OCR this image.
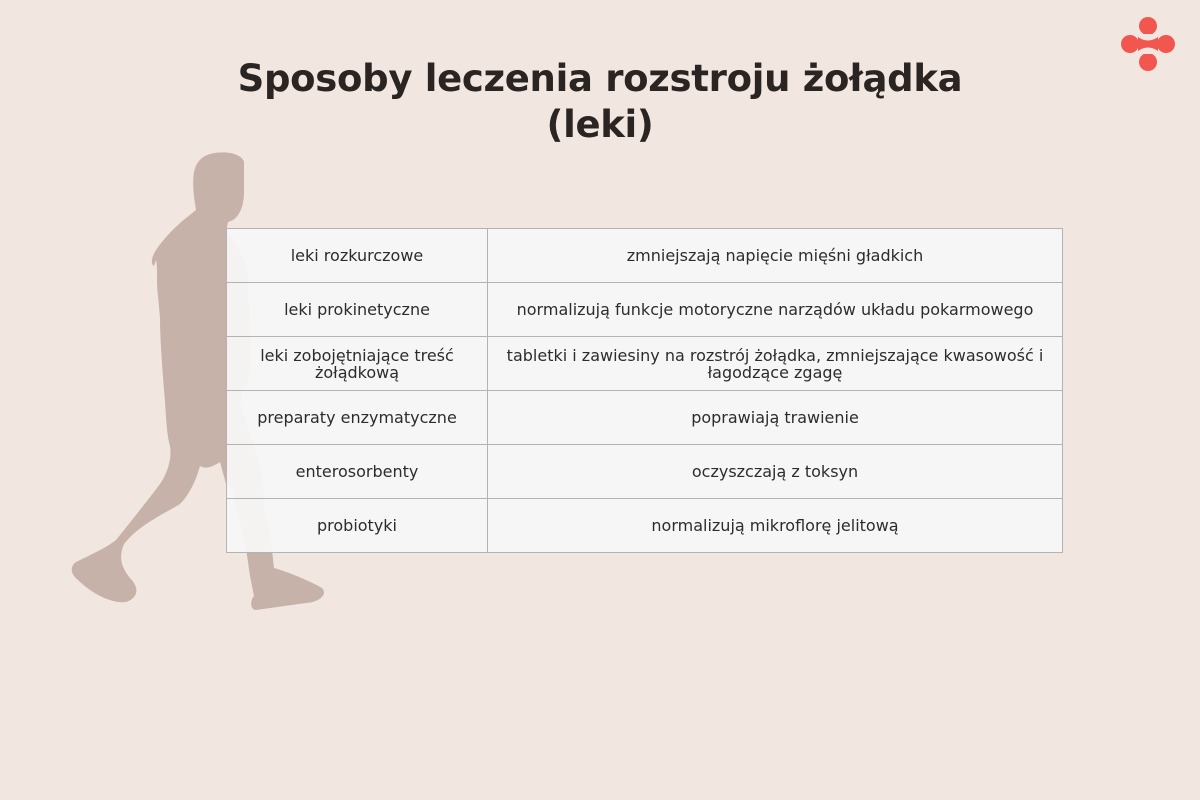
Sposoby leczenia rozstroju żołądka
(leki)
leki rozkurczowe	zmniejszają napięcie mięśni gładkich
leki prokinetyczne	normalizują funkcje motoryczne narządów układu pokarmowego
leki zobojętniające treść żołądkową	tabletki i zawiesiny na rozstrój żołądka, zmniejszające kwasowość i łagodzące zgagę
preparaty enzymatyczne	poprawiają trawienie
enterosorbenty	oczyszczają z toksyn
probiotyki	normalizują mikroflorę jelitową
